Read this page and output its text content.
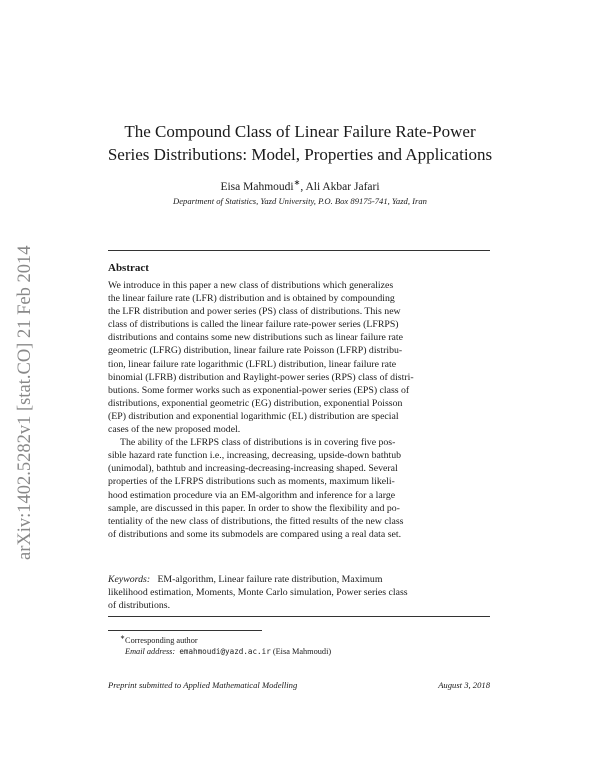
arXiv:1402.5282v1 [stat.CO] 21 Feb 2014
The Compound Class of Linear Failure Rate-Power
Series Distributions: Model, Properties and Applications
Eisa Mahmoudi∗, Ali Akbar Jafari
Department of Statistics, Yazd University, P.O. Box 89175-741, Yazd, Iran
Abstract
We introduce in this paper a new class of distributions which generalizes
the linear failure rate (LFR) distribution and is obtained by compounding
the LFR distribution and power series (PS) class of distributions. This new
class of distributions is called the linear failure rate-power series (LFRPS)
distributions and contains some new distributions such as linear failure rate
geometric (LFRG) distribution, linear failure rate Poisson (LFRP) distribu-
tion, linear failure rate logarithmic (LFRL) distribution, linear failure rate
binomial (LFRB) distribution and Raylight-power series (RPS) class of distri-
butions. Some former works such as exponential-power series (EPS) class of
distributions, exponential geometric (EG) distribution, exponential Poisson
(EP) distribution and exponential logarithmic (EL) distribution are special
cases of the new proposed model.
The ability of the LFRPS class of distributions is in covering five pos-
sible hazard rate function i.e., increasing, decreasing, upside-down bathtub
(unimodal), bathtub and increasing-decreasing-increasing shaped. Several
properties of the LFRPS distributions such as moments, maximum likeli-
hood estimation procedure via an EM-algorithm and inference for a large
sample, are discussed in this paper. In order to show the flexibility and po-
tentiality of the new class of distributions, the fitted results of the new class
of distributions and some its submodels are compared using a real data set.
Keywords: EM-algorithm, Linear failure rate distribution, Maximum
likelihood estimation, Moments, Monte Carlo simulation, Power series class
of distributions.
∗Corresponding author
Email address: emahmoudi@yazd.ac.ir (Eisa Mahmoudi)
Preprint submitted to Applied Mathematical Modelling	August 3, 2018
